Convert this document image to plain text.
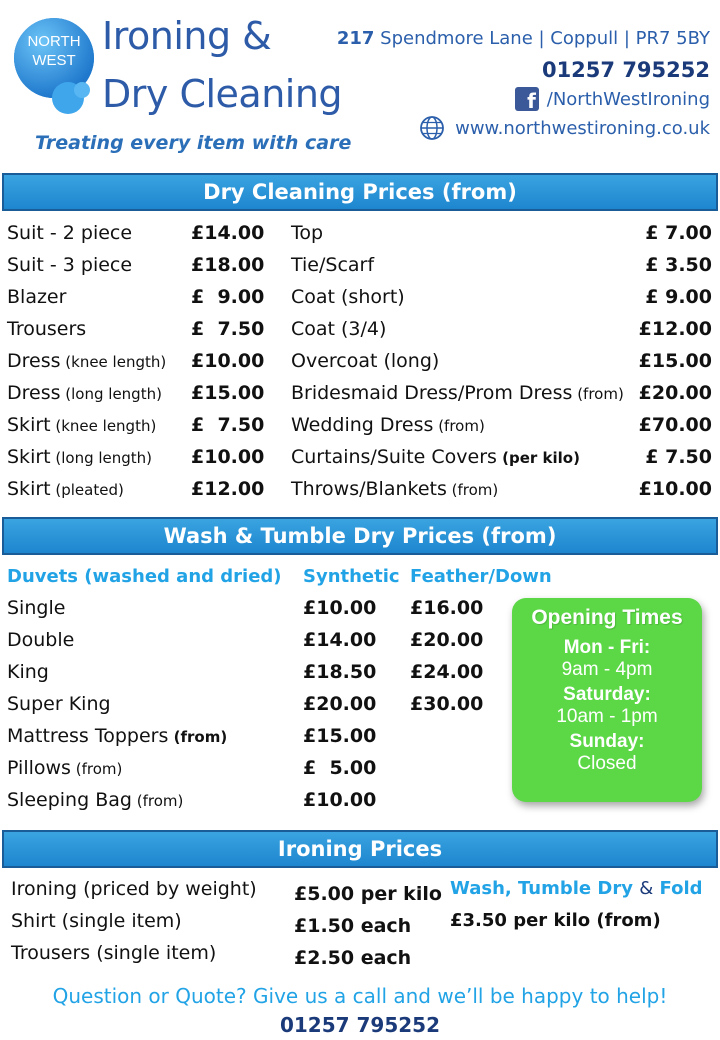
NORTH
WEST
Ironing &
Dry Cleaning
Treating every item with care
217 Spendmore Lane | Coppull | PR7 5BY
01257 795252
f /NorthWestIroning
www.northwestironing.co.uk
Dry Cleaning Prices (from)
Suit - 2 piece	£14.00
Suit - 3 piece	£18.00
Blazer	£  9.00
Trousers	£  7.50
Dress (knee length) £10.00
Dress (long length) £15.00
Skirt (knee length) £  7.50
Skirt (long length) £10.00
Skirt (pleated)	£12.00
Top	£ 7.00
Tie/Scarf	£ 3.50
Coat (short)	£ 9.00
Coat (3/4)	£12.00
Overcoat (long)	£15.00
Bridesmaid Dress/Prom Dress (from) £20.00
Wedding Dress (from)	£70.00
Curtains/Suite Covers (per kilo)	£ 7.50
Throws/Blankets (from)	£10.00
Wash & Tumble Dry Prices (from)
Duvets (washed and dried) Synthetic Feather/Down
Single	£10.00 £16.00
Double	£14.00 £20.00
King	£18.50 £24.00
Super King	£20.00 £30.00
Mattress Toppers (from)	£15.00
Pillows (from)	£  5.00
Sleeping Bag (from)	£10.00
Opening Times
Mon - Fri:
9am - 4pm
Saturday:
10am - 1pm
Sunday:
Closed
Ironing Prices
Ironing (priced by weight) £5.00 per kilo
Shirt (single item)	£1.50 each
Trousers (single item)	£2.50 each
Wash, Tumble Dry & Fold
£3.50 per kilo (from)
Question or Quote? Give us a call and we’ll be happy to help!
01257 795252
